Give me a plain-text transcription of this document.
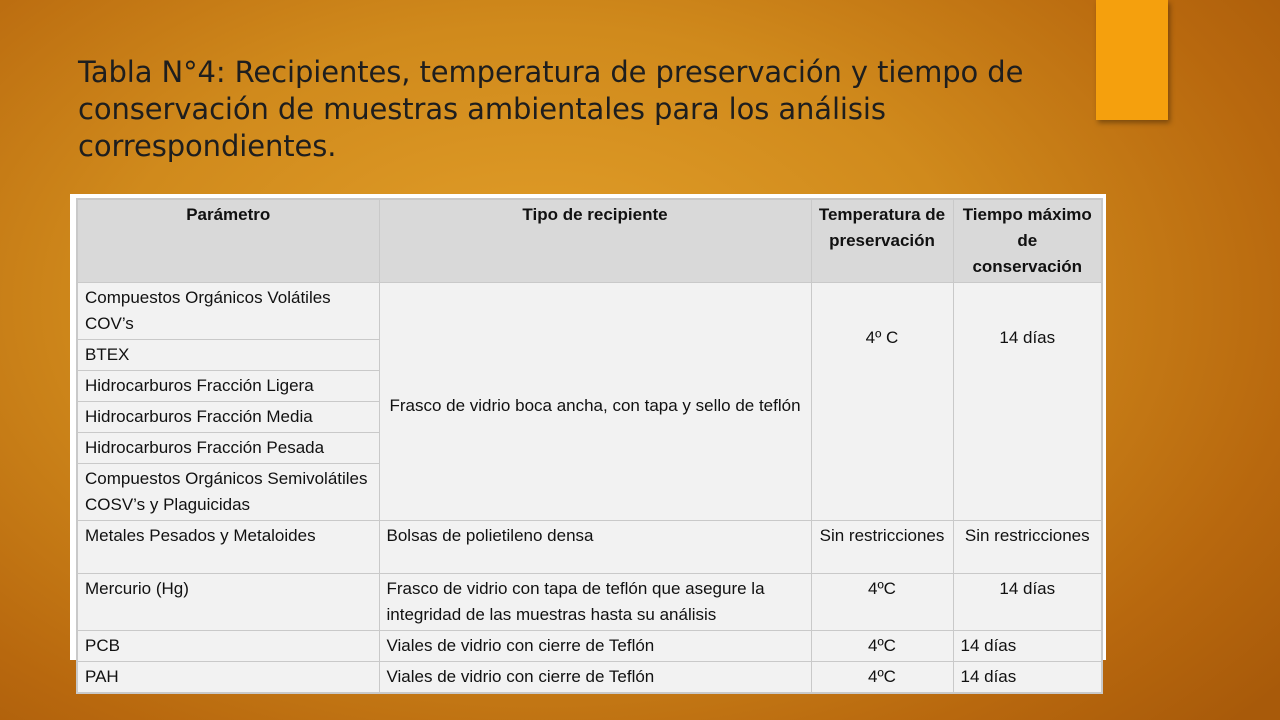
Tabla N°4: Recipientes, temperatura de preservación y tiempo de conservación de muestras ambientales para los análisis correspondientes.
Parámetro	Tipo de recipiente	Temperatura de preservación	Tiempo máximo de conservación
Compuestos Orgánicos Volátiles COV’s	Frasco de vidrio boca ancha, con tapa y sello de teflón	4º C	14 días
BTEX			
Hidrocarburos Fracción Ligera			
Hidrocarburos Fracción Media			
Hidrocarburos Fracción Pesada			
Compuestos Orgánicos Semivolátiles COSV’s y Plaguicidas			
Metales Pesados y Metaloides	Bolsas de polietileno densa	Sin restricciones	Sin restricciones
Mercurio (Hg)	Frasco de vidrio con tapa de teflón que asegure la integridad de las muestras hasta su análisis	4ºC	14 días
PCB	Viales de vidrio con cierre de Teflón	4ºC	14 días
PAH	Viales de vidrio con cierre de Teflón	4ºC	14 días
